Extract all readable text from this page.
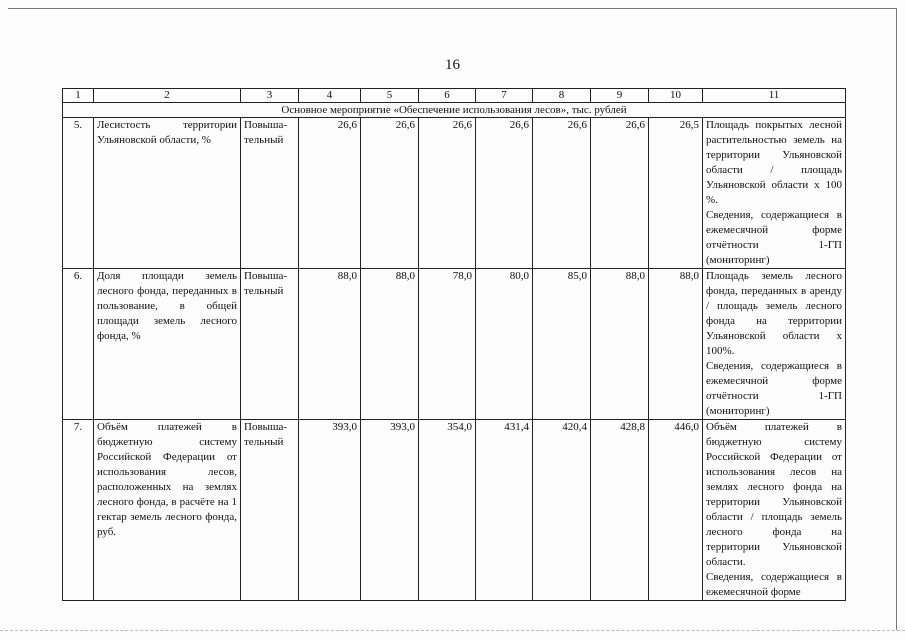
16
1	2	3	4	5	6	7	8	9	10	11
Основное мероприятие «Обеспечение использования лесов», тыс. рублей										
5.	Лесистость территории Ульяновской области, %	Повыша-тельный	26,6	26,6	26,6	26,6	26,6	26,6	26,5	Площадь покрытых лесной растительностью земель на территории Ульяновской области / площадь Ульяновской области х 100 %.
Сведения, содержащиеся в ежемесячной форме отчётности 1-ГП (мониторинг)

6.	Доля площади земель лесного фонда, переданных в пользование, в общей площади земель лесного фонда, %	Повыша-тельный	88,0	88,0	78,0	80,0	85,0	88,0	88,0	Площадь земель лесного фонда, переданных в аренду / площадь земель лесного фонда на территории Ульяновской области х 100%.
Сведения, содержащиеся в ежемесячной форме отчётности 1-ГП (мониторинг)

7.	Объём платежей в бюджетную систему Российской Федерации от использования лесов, расположенных на землях лесного фонда, в расчёте на 1 гектар земель лесного фонда, руб.	Повыша-тельный	393,0	393,0	354,0	431,4	420,4	428,8	446,0	Объём платежей в бюджетную систему Российской Федерации от использования лесов на землях лесного фонда на территории Ульяновской области / площадь земель лесного фонда на территории Ульяновской области.
Сведения, содержащиеся в ежемесячной форме
